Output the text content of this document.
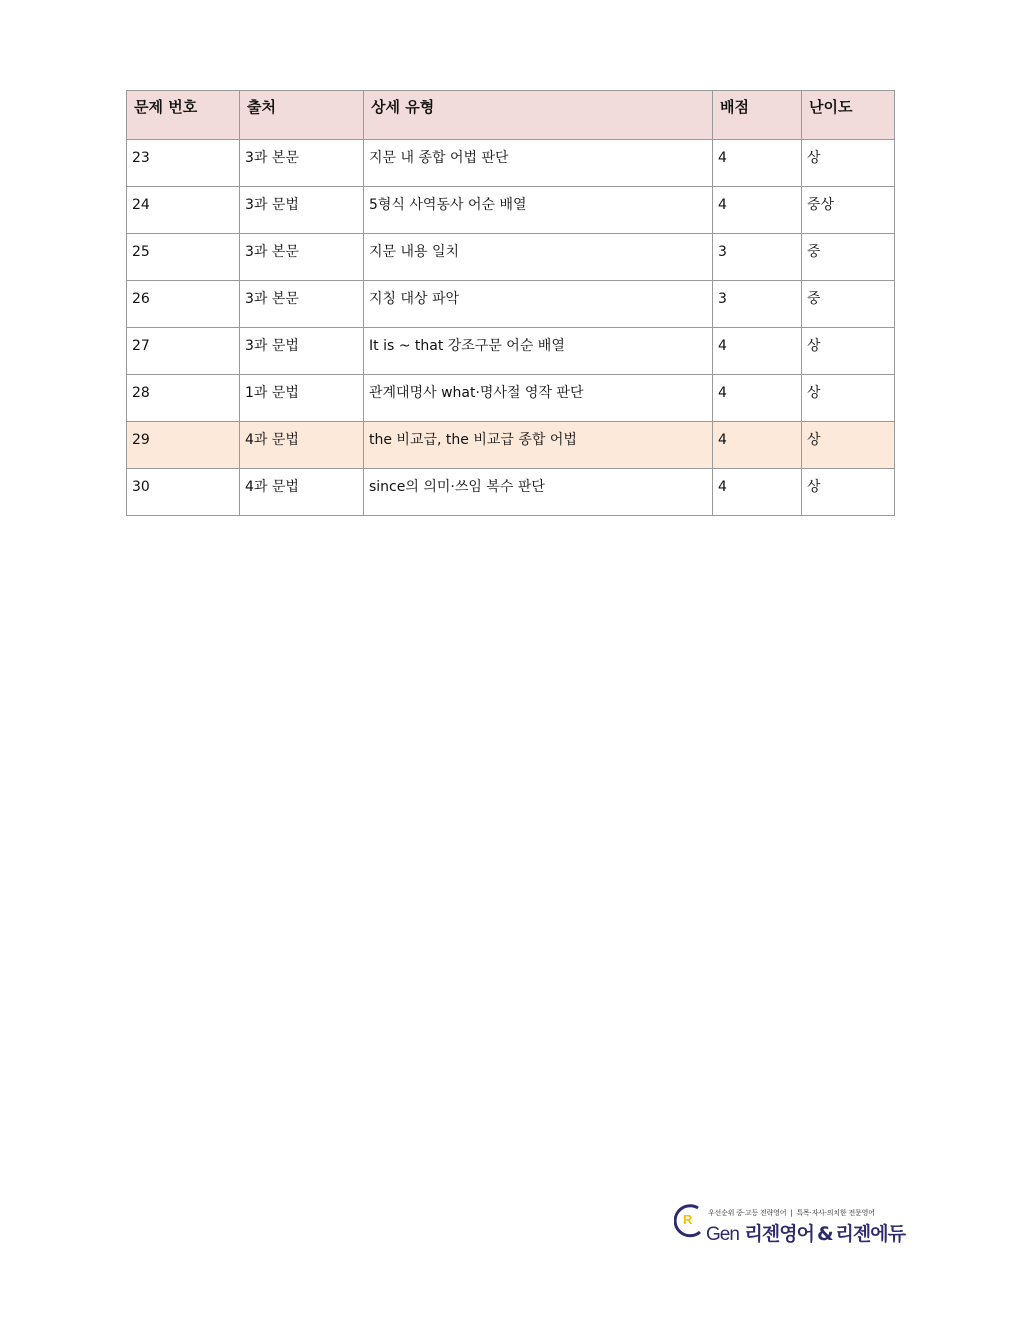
문제 번호	출처	상세 유형	배점	난이도
23	3과 본문	지문 내 종합 어법 판단	4	상
24	3과 문법	5형식 사역동사 어순 배열	4	중상
25	3과 본문	지문 내용 일치	3	중
26	3과 본문	지칭 대상 파악	3	중
27	3과 문법	It is ~ that 강조구문 어순 배열	4	상
28	1과 문법	관계대명사 what·명사절 영작 판단	4	상
29	4과 문법	the 비교급, the 비교급 종합 어법	4	상
30	4과 문법	since의 의미·쓰임 복수 판단	4	상
R 우선순위 중·고등 전략영어 | 특목·자사·의치한 전문영어
Gen 리젠영어 & 리젠에듀
